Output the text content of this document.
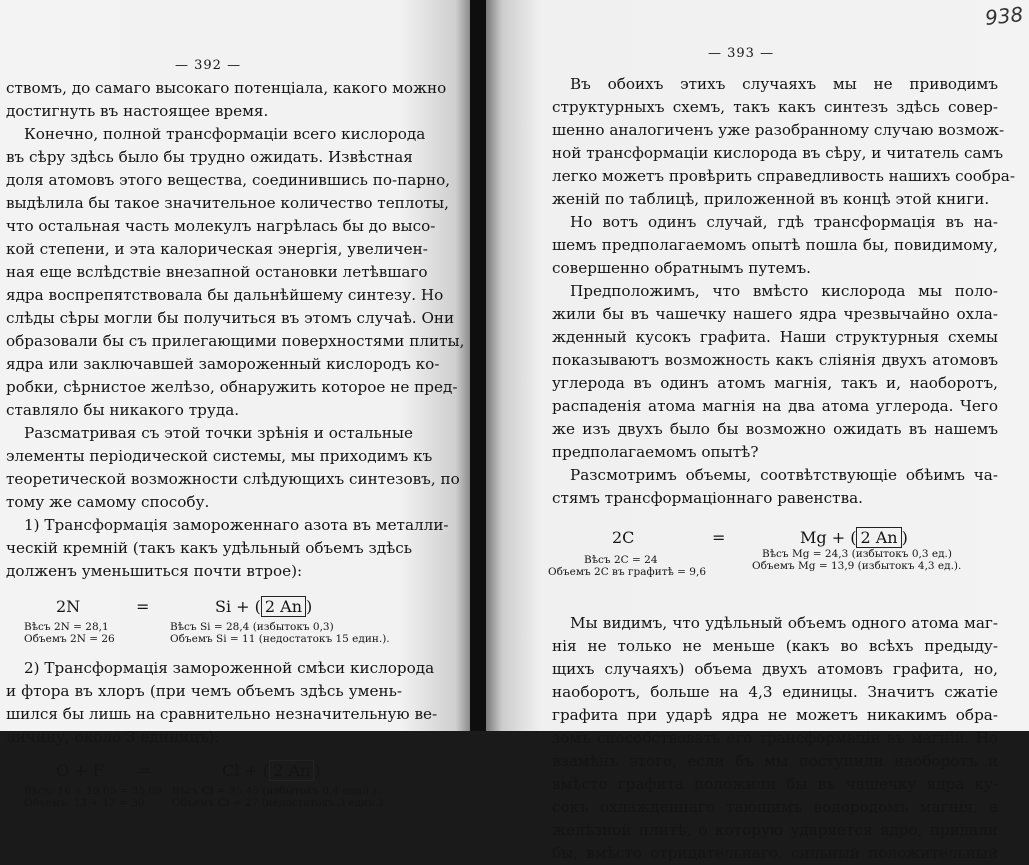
— 392 —
ствомъ, до самаго высокаго потенціала, какого можно
достигнуть въ настоящее время.
Конечно, полной трансформаціи всего кислорода
въ сѣру здѣсь было бы трудно ожидать. Извѣстная
доля атомовъ этого вещества, соединившись по-парно,
выдѣлила бы такое значительное количество теплоты,
что остальная часть молекулъ нагрѣлась бы до высо-
кой степени, и эта калорическая энергія, увеличен-
ная еще вслѣдствіе внезапной остановки летѣвшаго
ядра воспрепятствовала бы дальнѣйшему синтезу. Но
слѣды сѣры могли бы получиться въ этомъ случаѣ. Они
образовали бы съ прилегающими поверхностями плиты,
ядра или заключавшей замороженный кислородъ ко-
робки, сѣрнистое желѣзо, обнаружить которое не пред-
ставляло бы никакого труда.
Разсматривая съ этой точки зрѣнія и остальные
элементы періодической системы, мы приходимъ къ
теоретической возможности слѣдующихъ синтезовъ, по
тому же самому способу.
1) Трансформація замороженнаго азота въ металли-
ческій кремній (такъ какъ удѣльный объемъ здѣсь
долженъ уменьшиться почти втрое):
2N	=	Si + ( 2 An )
Вѣсъ 2N = 28,1
Объемъ 2N = 26
Вѣсъ Si = 28,4 (избытокъ 0,3)
Объемъ Si = 11 (недостатокъ 15 един.).
2) Трансформація замороженной смѣси кислорода
и фтора въ хлоръ (при чемъ объемъ здѣсь умень-
шился бы лишь на сравнительно незначительную ве-
личину, около 3 единицъ):
O + F =	Cl + ( 2 An )
Вѣсъ: 16 + 19,05 = 35,05
Объемъ: 13 + 17 = 30
Вѣсъ Cl = 35,45 (избытокъ 0,4 един.).
Объемъ Cl = 27 (недостатокъ 3 един.).
938
— 393 —
Въ обоихъ этихъ случаяхъ мы не приводимъ
структурныхъ схемъ, такъ какъ синтезъ здѣсь совер-
шенно аналогиченъ уже разобранному случаю возмож-
ной трансформаціи кислорода въ сѣру, и читатель самъ
легко можетъ провѣрить справедливость нашихъ сообра-
женій по таблицѣ, приложенной въ концѣ этой книги.
Но вотъ одинъ случай, гдѣ трансформація въ на-
шемъ предполагаемомъ опытѣ пошла бы, повидимому,
совершенно обратнымъ путемъ.
Предположимъ, что вмѣсто кислорода мы поло-
жили бы въ чашечку нашего ядра чрезвычайно охла-
жденный кусокъ графита. Наши структурныя схемы
показываютъ возможность какъ слiянія двухъ атомовъ
углерода въ одинъ атомъ магнія, такъ и, наоборотъ,
распаденія атома магнія на два атома углерода. Чего
же изъ двухъ было бы возможно ожидать въ нашемъ
предполагаемомъ опытѣ?
Разсмотримъ объемы, соотвѣтствующіе обѣимъ ча-
стямъ трансформаціоннаго равенства.
2C	=	Mg + ( 2 An )
Вѣсъ 2C = 24
Объемъ 2C въ графитѣ = 9,6
Вѣсъ Mg = 24,3 (избытокъ 0,3 ед.)
Объемъ Mg = 13,9 (избытокъ 4,3 ед.).
Мы видимъ, что удѣльный объемъ одного атома маг-
нія не только не меньше (какъ во всѣхъ предыду-
щихъ случаяхъ) объема двухъ атомовъ графита, но,
наоборотъ, больше на 4,3 единицы. Значитъ сжатіе
графита при ударѣ ядра не можетъ никакимъ обра-
зомъ способствовать его трансформаціи въ магній. Но
взамѣнъ этого, если бъ мы поступили наоборотъ и
вмѣсто графита положили бы въ чашечку ядра ку-
сокъ охлажденнаго тающимъ водородомъ магнія, а
желѣзной плитѣ, о которую ударяется ядро, придали
бы, вмѣсто отрицательнаго, сильный положительный
